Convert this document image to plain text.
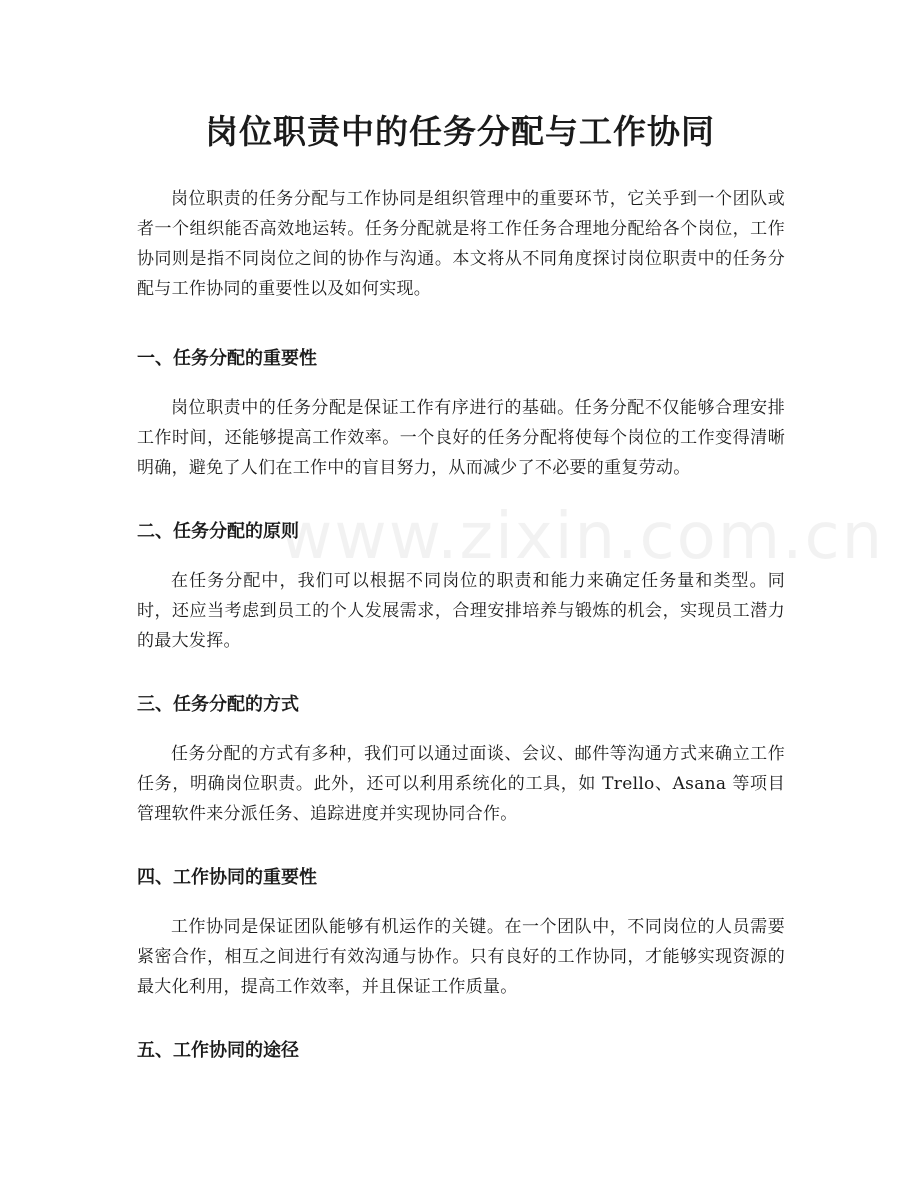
www.zixin.com.cn
岗位职责中的任务分配与工作协同

岗位职责的任务分配与工作协同是组织管理中的重要环节，它关乎到一个团队或者一个组织能否高效地运转。任务分配就是将工作任务合理地分配给各个岗位，工作协同则是指不同岗位之间的协作与沟通。本文将从不同角度探讨岗位职责中的任务分配与工作协同的重要性以及如何实现。

一、任务分配的重要性

岗位职责中的任务分配是保证工作有序进行的基础。任务分配不仅能够合理安排工作时间，还能够提高工作效率。一个良好的任务分配将使每个岗位的工作变得清晰明确，避免了人们在工作中的盲目努力，从而减少了不必要的重复劳动。

二、任务分配的原则

在任务分配中，我们可以根据不同岗位的职责和能力来确定任务量和类型。同时，还应当考虑到员工的个人发展需求，合理安排培养与锻炼的机会，实现员工潜力的最大发挥。

三、任务分配的方式

任务分配的方式有多种，我们可以通过面谈、会议、邮件等沟通方式来确立工作任务，明确岗位职责。此外，还可以利用系统化的工具，如 Trello、Asana 等项目管理软件来分派任务、追踪进度并实现协同合作。

四、工作协同的重要性

工作协同是保证团队能够有机运作的关键。在一个团队中，不同岗位的人员需要紧密合作，相互之间进行有效沟通与协作。只有良好的工作协同，才能够实现资源的最大化利用，提高工作效率，并且保证工作质量。

五、工作协同的途径
